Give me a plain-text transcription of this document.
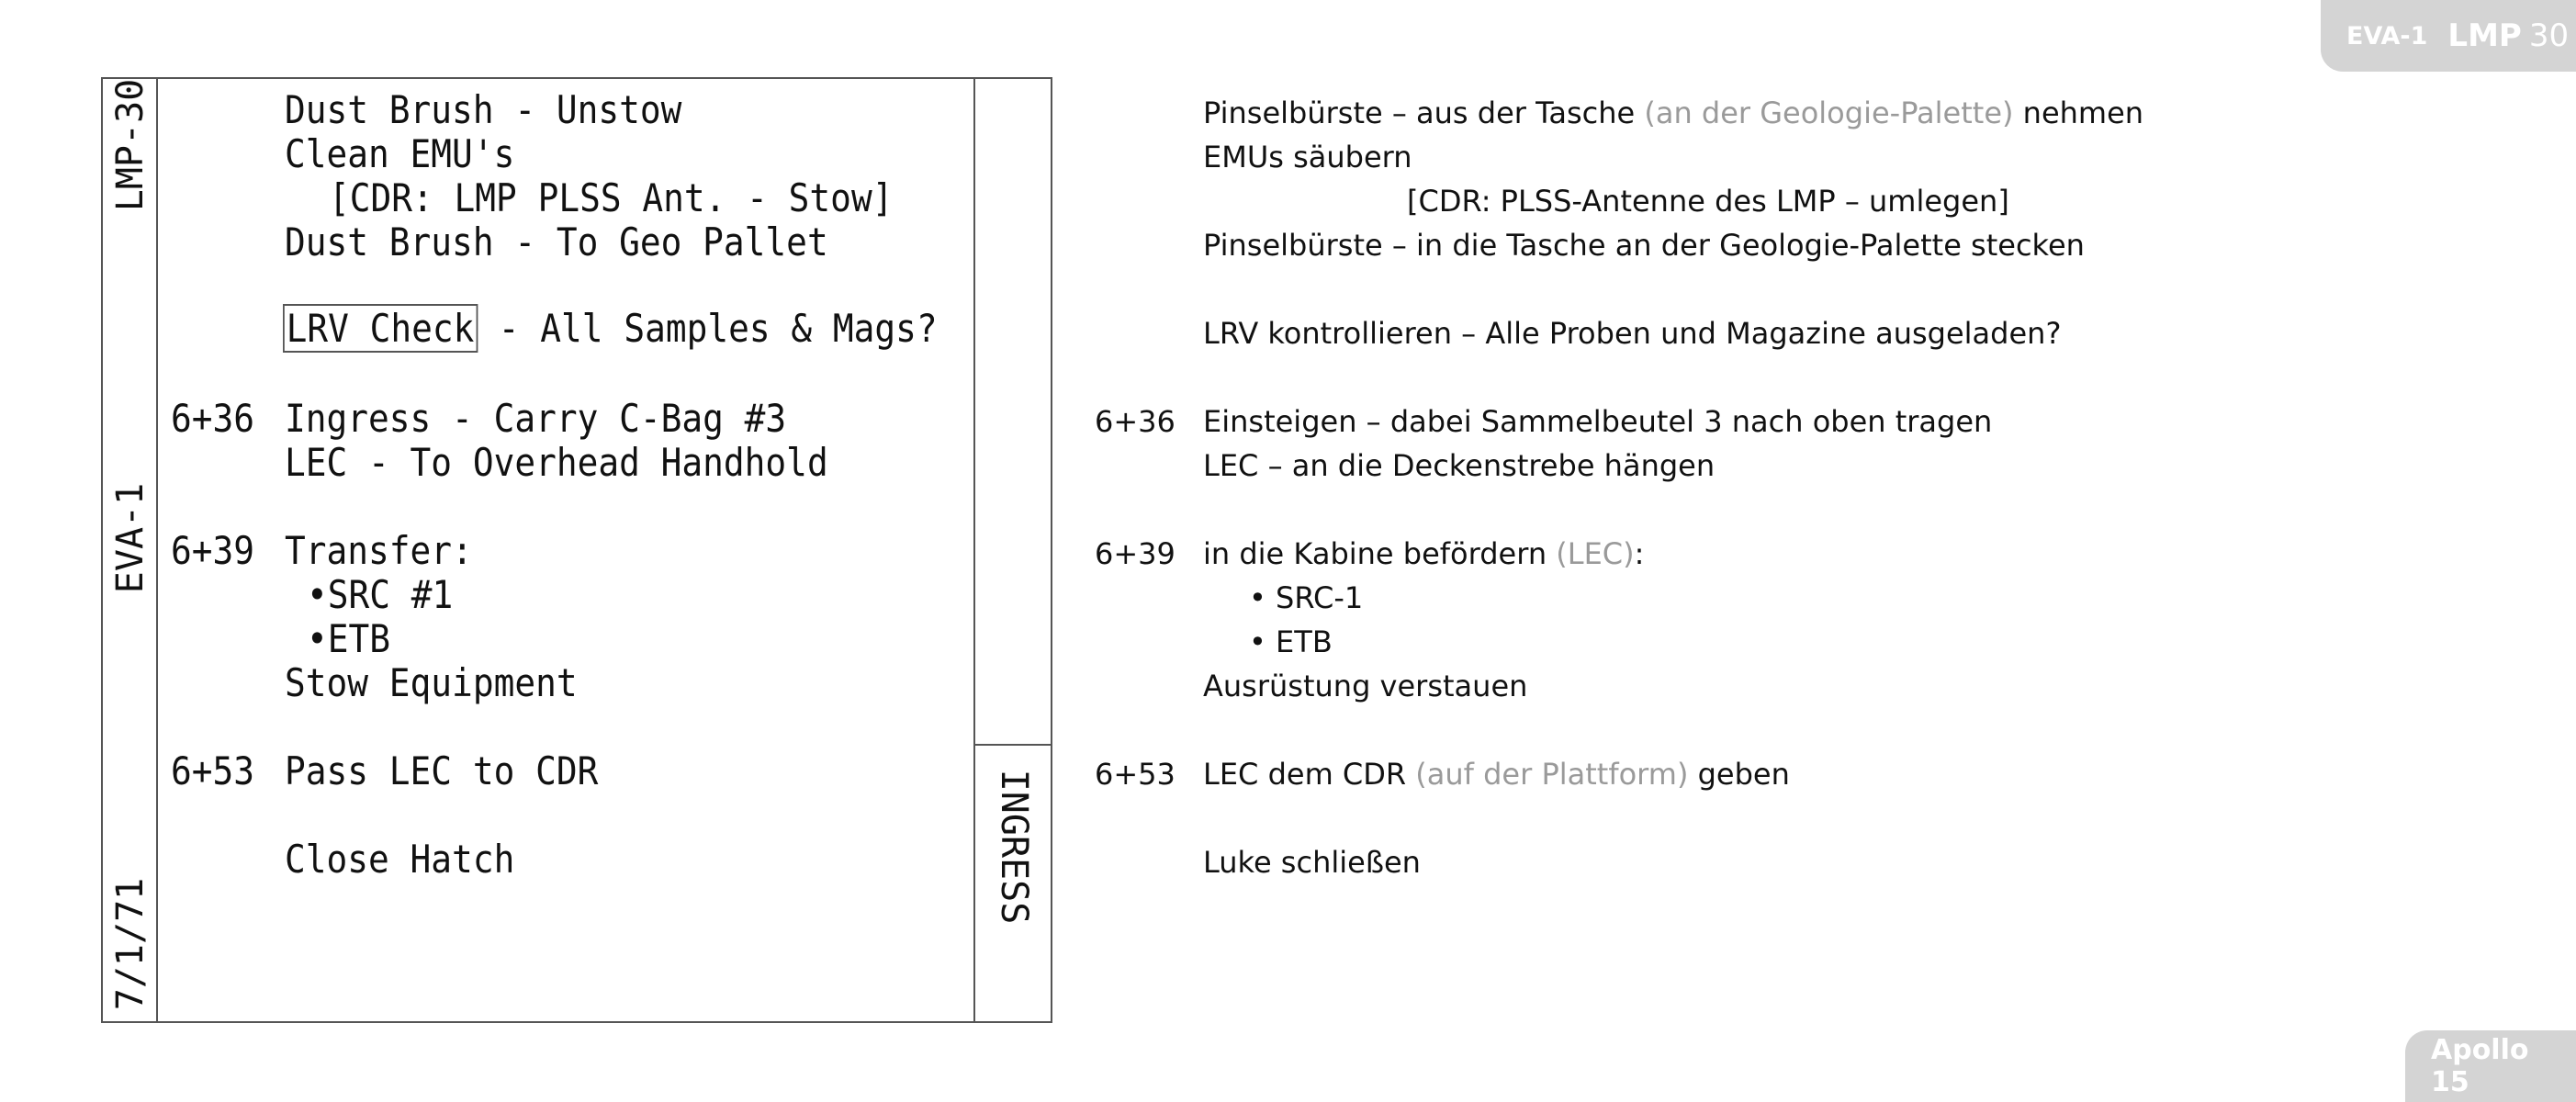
EVA-1 LMP 30
Apollo 15
LMP-30
EVA-1
7/1/71
INGRESS
Dust Brush - Unstow
Clean EMU's
[CDR: LMP PLSS Ant. - Stow]
Dust Brush - To Geo Pallet
LRV Check - All Samples & Mags?
6+36 Ingress - Carry C-Bag #3
LEC - To Overhead Handhold
6+39 Transfer:
•SRC #1
•ETB
Stow Equipment
6+53 Pass LEC to CDR
Close Hatch
Pinselbürste – aus der Tasche (an der Geologie-Palette) nehmen
EMUs säubern
[CDR: PLSS-Antenne des LMP – umlegen]
Pinselbürste – in die Tasche an der Geologie-Palette stecken
LRV kontrollieren – Alle Proben und Magazine ausgeladen?
6+36 Einsteigen – dabei Sammelbeutel 3 nach oben tragen
LEC – an die Deckenstrebe hängen
6+39 in die Kabine befördern (LEC):
• SRC-1
• ETB
Ausrüstung verstauen
6+53 LEC dem CDR (auf der Plattform) geben
Luke schließen
